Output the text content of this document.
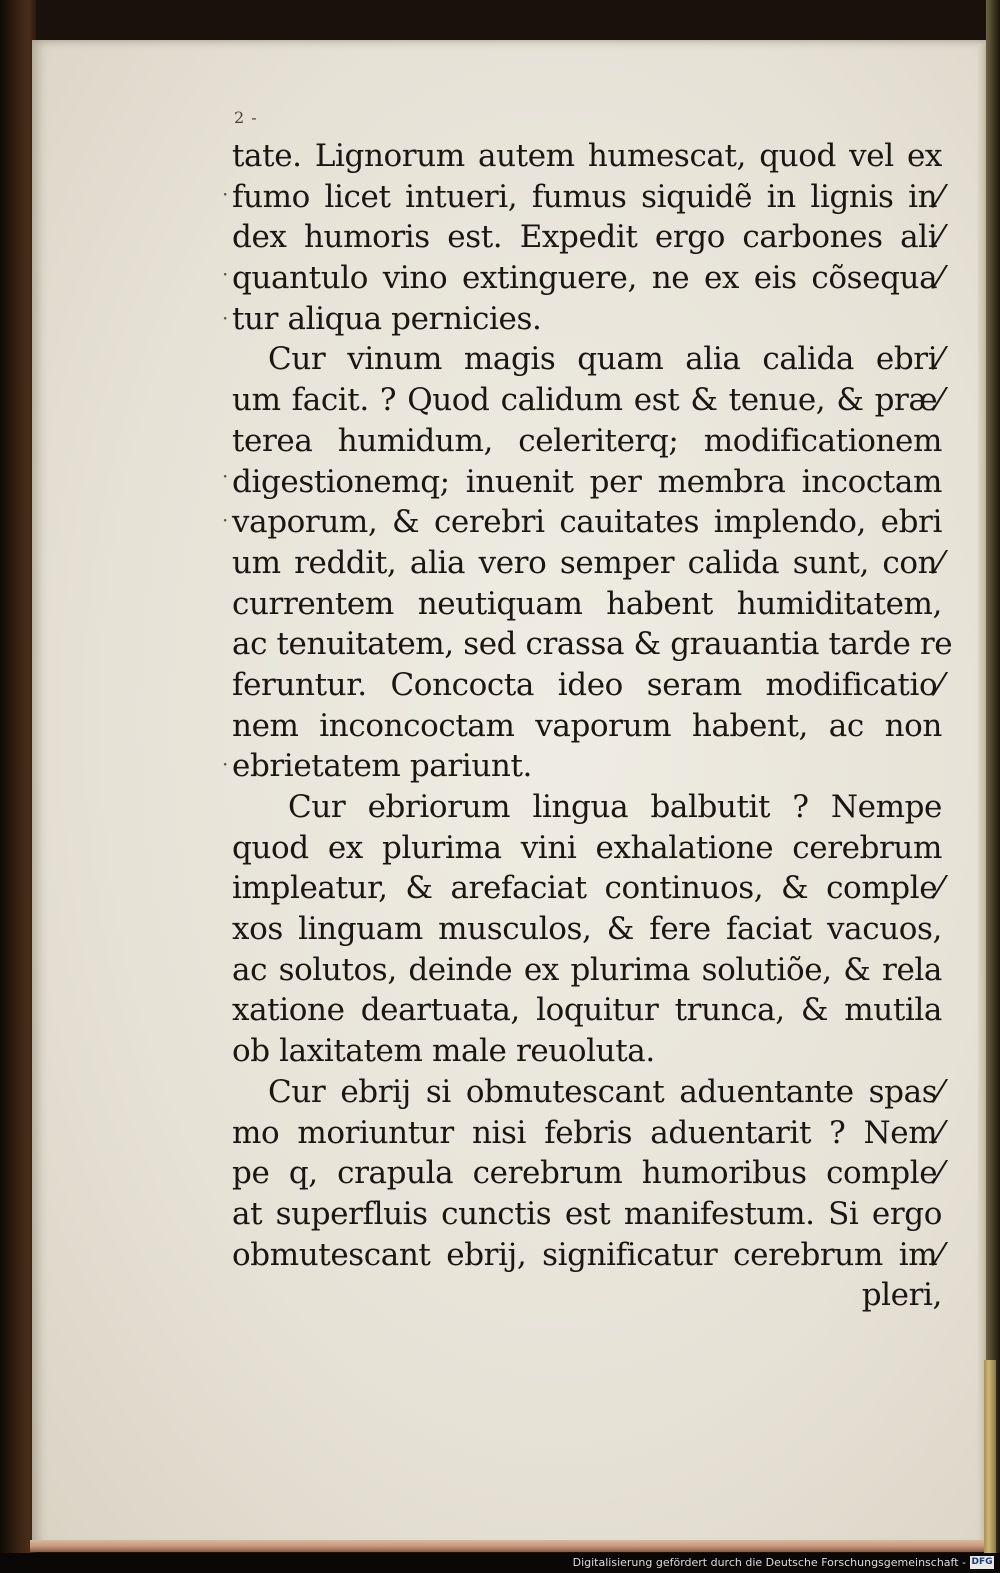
2 -
·
·
·
·
·
·
tate. Lignorum autem humescat, quod vel ex
fumo licet intueri, fumus siquidẽ in lignis in⁄
dex humoris est. Expedit ergo carbones ali⁄
quantulo vino extinguere, ne ex eis cõsequa⁄
tur aliqua pernicies.
Cur vinum magis quam alia calida ebri⁄
um facit. ? Quod calidum est & tenue, & præ⁄
terea humidum, celeriterq; modificationem
digestionemq; inuenit per membra incoctam
vaporum, & cerebri cauitates implendo, ebri
um reddit, alia vero semper calida sunt, con⁄
currentem neutiquam habent humiditatem,
ac tenuitatem, sed crassa & grauantia tarde re
feruntur. Concocta ideo seram modificatio⁄
nem inconcoctam vaporum habent, ac non
ebrietatem pariunt.
Cur ebriorum lingua balbutit ? Nempe
quod ex plurima vini exhalatione cerebrum
impleatur, & arefaciat continuos, & comple⁄
xos linguam musculos, & fere faciat vacuos,
ac solutos, deinde ex plurima solutiõe, & rela
xatione deartuata, loquitur trunca, & mutila
ob laxitatem male reuoluta.
Cur ebrij si obmutescant aduentante spas⁄
mo moriuntur nisi febris aduentarit ? Nem⁄
pe q, crapula cerebrum humoribus comple⁄
at superfluis cunctis est manifestum. Si ergo
obmutescant ebrij, significatur cerebrum im⁄
pleri,
Digitalisierung gefördert durch die Deutsche Forschungsgemeinschaft - DFG
